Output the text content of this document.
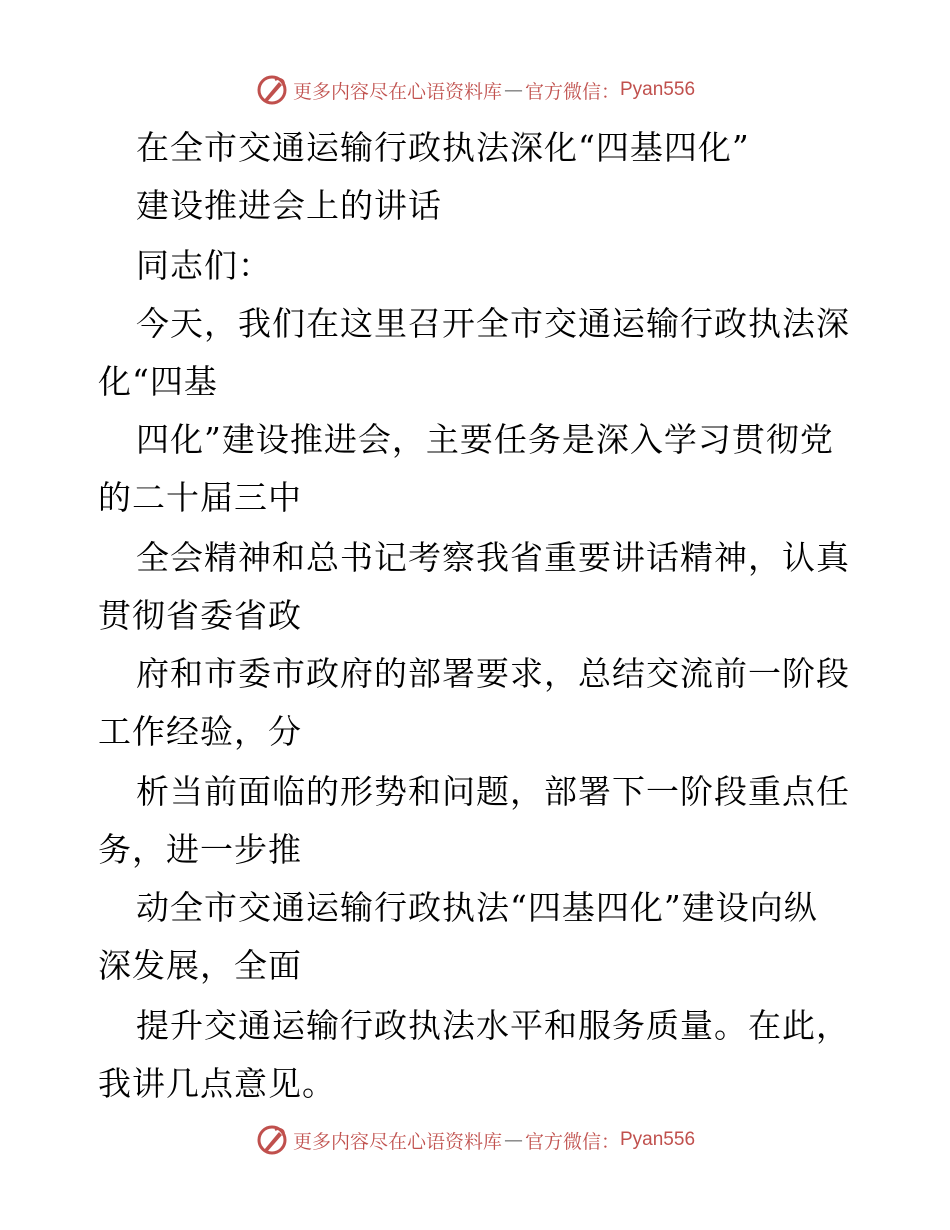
更多内容尽在心语资料库 — 官方微信： Pyan556
在全市交通运输行政执法深化“四基四化”
建设推进会上的讲话
同志们：
今天，我们在这里召开全市交通运输行政执法深
化“四基
四化”建设推进会，主要任务是深入学习贯彻党
的二十届三中
全会精神和总书记考察我省重要讲话精神，认真
贯彻省委省政
府和市委市政府的部署要求，总结交流前一阶段
工作经验，分
析当前面临的形势和问题，部署下一阶段重点任
务，进一步推
动全市交通运输行政执法“四基四化”建设向纵
深发展，全面
提升交通运输行政执法水平和服务质量。在此，
我讲几点意见。
更多内容尽在心语资料库 — 官方微信： Pyan556
